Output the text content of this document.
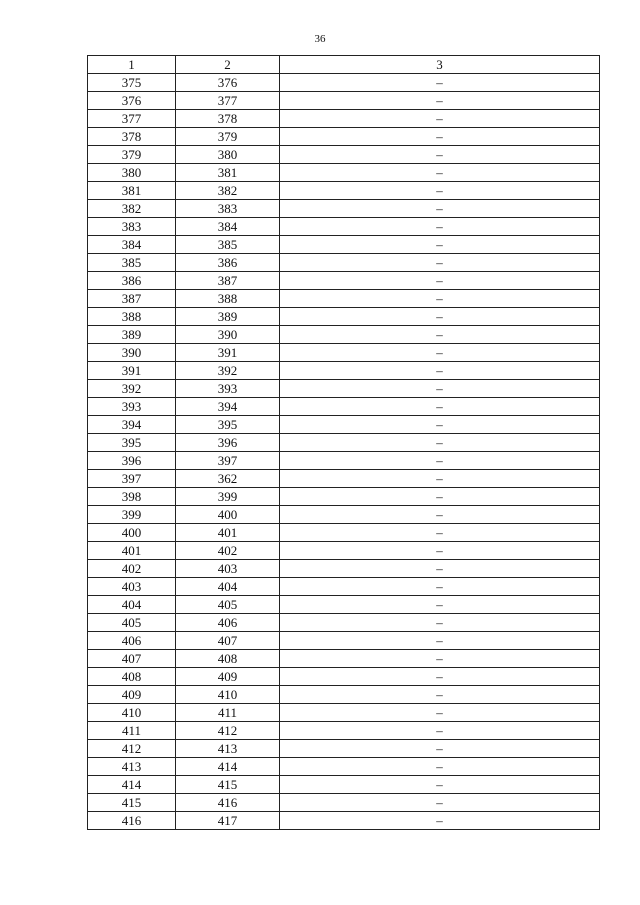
36
1	2	3
375	376	–
376	377	–
377	378	–
378	379	–
379	380	–
380	381	–
381	382	–
382	383	–
383	384	–
384	385	–
385	386	–
386	387	–
387	388	–
388	389	–
389	390	–
390	391	–
391	392	–
392	393	–
393	394	–
394	395	–
395	396	–
396	397	–
397	362	–
398	399	–
399	400	–
400	401	–
401	402	–
402	403	–
403	404	–
404	405	–
405	406	–
406	407	–
407	408	–
408	409	–
409	410	–
410	411	–
411	412	–
412	413	–
413	414	–
414	415	–
415	416	–
416	417	–
